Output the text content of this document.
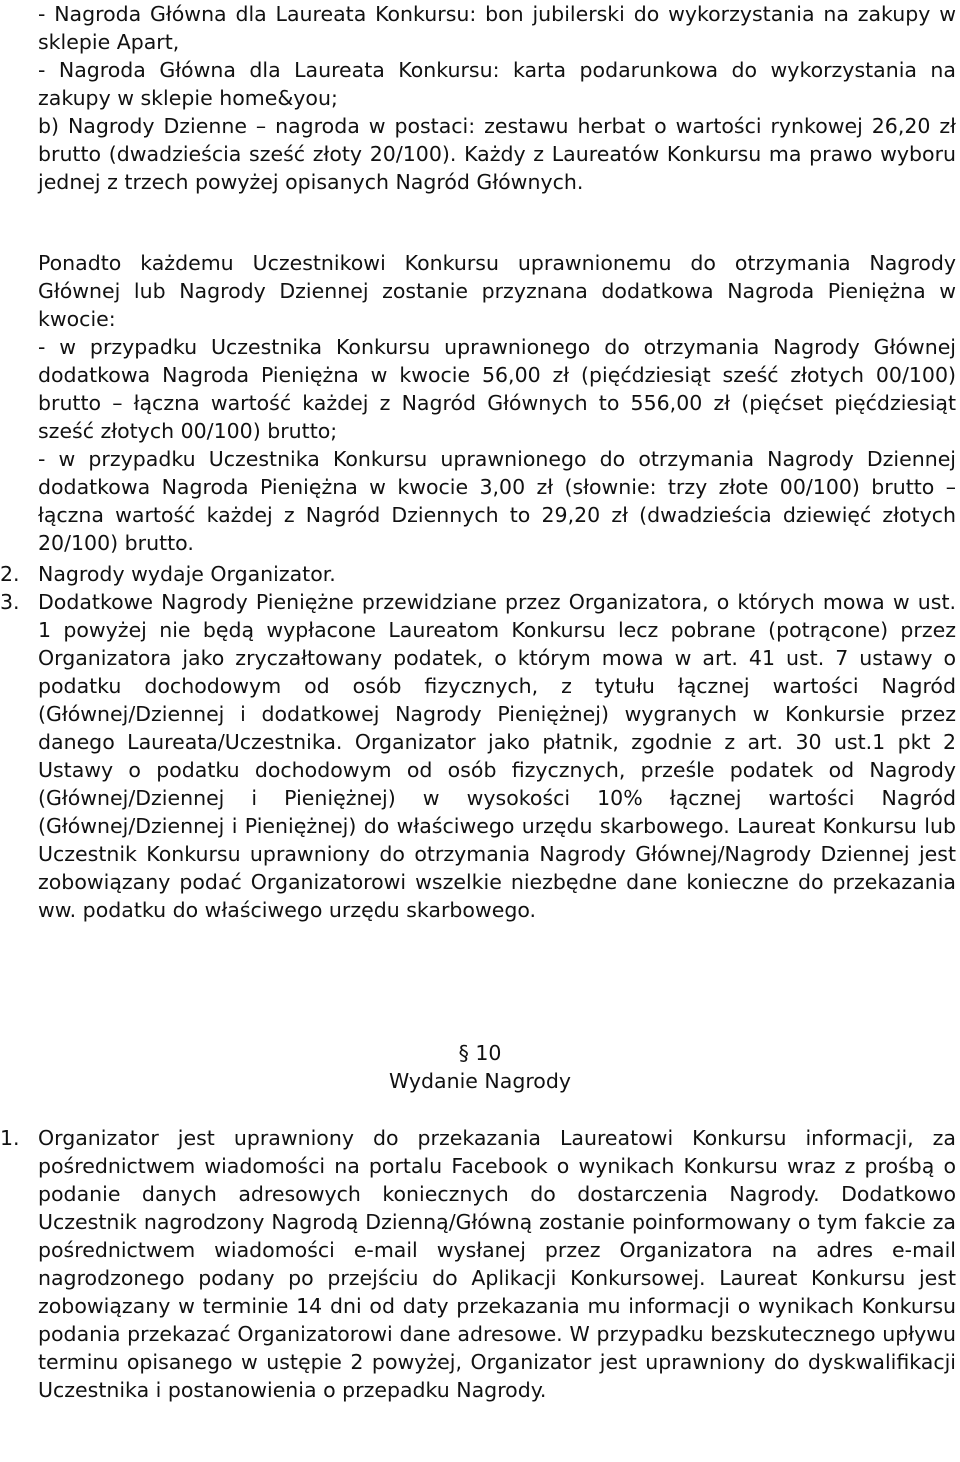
- Nagroda Główna dla Laureata Konkursu: bon jubilerski do wykorzystania na zakupy w sklepie Apart,

- Nagroda Główna dla Laureata Konkursu: karta podarunkowa do wykorzystania na zakupy w sklepie home&you;

b) Nagrody Dzienne – nagroda w postaci: zestawu herbat o wartości rynkowej 26,20 zł brutto (dwadzieścia sześć złoty 20/100). Każdy z Laureatów Konkursu ma prawo wyboru jednej z trzech powyżej opisanych Nagród Głównych.

Ponadto każdemu Uczestnikowi Konkursu uprawnionemu do otrzymania Nagrody Głównej lub Nagrody Dziennej zostanie przyznana dodatkowa Nagroda Pieniężna w kwocie:

- w przypadku Uczestnika Konkursu uprawnionego do otrzymania Nagrody Głównej dodatkowa Nagroda Pieniężna w kwocie 56,00 zł (pięćdziesiąt sześć złotych 00/100) brutto – łączna wartość każdej z Nagród Głównych to 556,00 zł (pięćset pięćdziesiąt sześć złotych 00/100) brutto;

- w przypadku Uczestnika Konkursu uprawnionego do otrzymania Nagrody Dziennej dodatkowa Nagroda Pieniężna w kwocie 3,00 zł (słownie: trzy złote 00/100) brutto – łączna wartość każdej z Nagród Dziennych to 29,20 zł (dwadzieścia dziewięć złotych 20/100) brutto.

2. Nagrody wydaje Organizator.
3. Dodatkowe Nagrody Pieniężne przewidziane przez Organizatora, o których mowa w ust. 1 powyżej nie będą wypłacone Laureatom Konkursu lecz pobrane (potrącone) przez Organizatora jako zryczałtowany podatek, o którym mowa w art. 41 ust. 7 ustawy o podatku dochodowym od osób fizycznych, z tytułu łącznej wartości Nagród (Głównej/Dziennej i dodatkowej Nagrody Pieniężnej) wygranych w Konkursie przez danego Laureata/Uczestnika. Organizator jako płatnik, zgodnie z art. 30 ust.1 pkt 2 Ustawy o podatku dochodowym od osób fizycznych, prześle podatek od Nagrody (Głównej/Dziennej i Pieniężnej) w wysokości 10% łącznej wartości Nagród (Głównej/Dziennej i Pieniężnej) do właściwego urzędu skarbowego. Laureat Konkursu lub Uczestnik Konkursu uprawniony do otrzymania Nagrody Głównej/Nagrody Dziennej jest zobowiązany podać Organizatorowi wszelkie niezbędne dane konieczne do przekazania ww. podatku do właściwego urzędu skarbowego.
§ 10
Wydanie Nagrody
1. Organizator jest uprawniony do przekazania Laureatowi Konkursu informacji, za pośrednictwem wiadomości na portalu Facebook o wynikach Konkursu wraz z prośbą o podanie danych adresowych koniecznych do dostarczenia Nagrody. Dodatkowo Uczestnik nagrodzony Nagrodą Dzienną/Główną zostanie poinformowany o tym fakcie za pośrednictwem wiadomości e-mail wysłanej przez Organizatora na adres e-mail nagrodzonego podany po przejściu do Aplikacji Konkursowej. Laureat Konkursu jest zobowiązany w terminie 14 dni od daty przekazania mu informacji o wynikach Konkursu podania przekazać Organizatorowi dane adresowe. W przypadku bezskutecznego upływu terminu opisanego w ustępie 2 powyżej, Organizator jest uprawniony do dyskwalifikacji Uczestnika i postanowienia o przepadku Nagrody.
